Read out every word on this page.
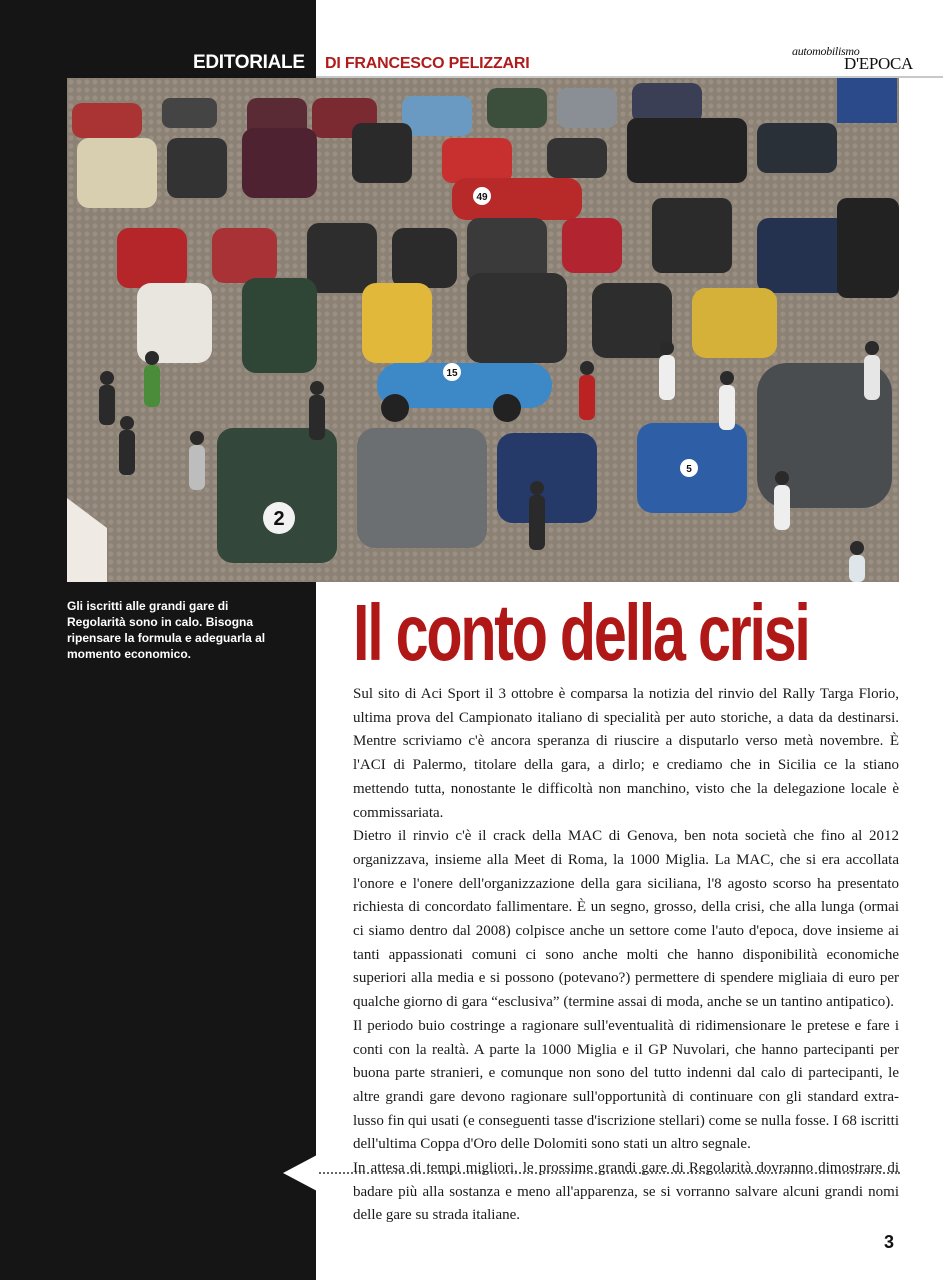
EDITORIALE DI FRANCESCO PELIZZARI
automobilismo
D'EPOCA
49
15
2
5
Gli iscritti alle grandi gare di Regolarità sono in calo. Bisogna ripensare la formula e adeguarla al momento economico.	Il conto della crisi

Sul sito di Aci Sport il 3 ottobre è comparsa la notizia del rinvio del Rally Targa Florio, ultima prova del Campionato italiano di specialità per auto storiche, a data da destinarsi. Mentre scriviamo c'è ancora speranza di riuscire a disputarlo verso metà novembre. È l'ACI di Palermo, titolare della gara, a dirlo; e crediamo che in Sicilia ce la stiano mettendo tutta, nonostante le difficoltà non manchino, visto che la delegazione locale è commissariata.

Dietro il rinvio c'è il crack della MAC di Genova, ben nota società che fino al 2012 organizzava, insieme alla Meet di Roma, la 1000 Miglia. La MAC, che si era accollata l'onore e l'onere dell'organizzazione della gara siciliana, l'8 agosto scorso ha presentato richiesta di concordato fallimentare. È un segno, grosso, della crisi, che alla lunga (ormai ci siamo dentro dal 2008) colpisce anche un settore come l'auto d'epoca, dove insieme ai tanti appassionati comuni ci sono anche molti che hanno disponibilità economiche superiori alla media e si possono (potevano?) permettere di spendere migliaia di euro per qualche giorno di gara “esclusiva” (termine assai di moda, anche se un tantino antipatico).

Il periodo buio costringe a ragionare sull'eventualità di ridimensionare le pretese e fare i conti con la realtà. A parte la 1000 Miglia e il GP Nuvolari, che hanno partecipanti per buona parte stranieri, e comunque non sono del tutto indenni dal calo di partecipanti, le altre grandi gare devono ragionare sull'opportunità di continuare con gli standard extra-lusso fin qui usati (e conseguenti tasse d'iscrizione stellari) come se nulla fosse. I 68 iscritti dell'ultima Coppa d'Oro delle Dolomiti sono stati un altro segnale.

In attesa di tempi migliori, le prossime grandi gare di Regolarità dovranno dimostrare di badare più alla sostanza e meno all'apparenza, se si vorranno salvare alcuni grandi nomi delle gare su strada italiane.

3
